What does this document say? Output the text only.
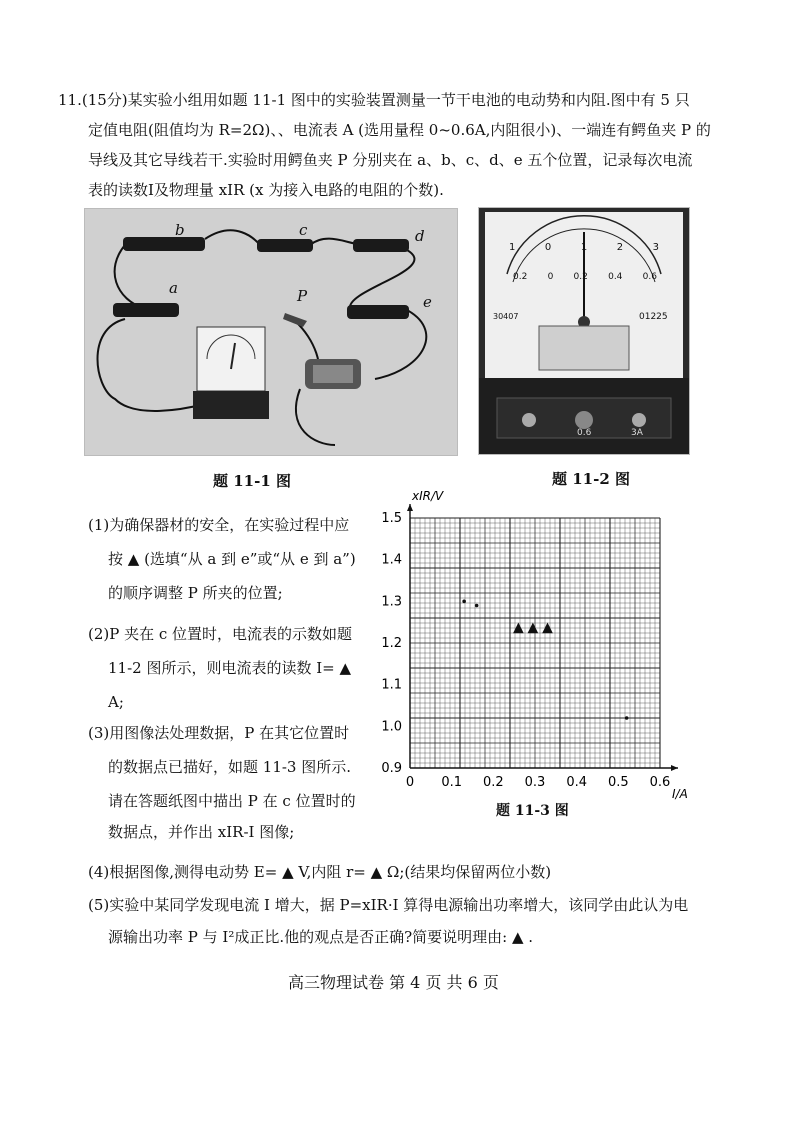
11.(15分)某实验小组用如题 11-1 图中的实验装置测量一节干电池的电动势和内阻.图中有 5 只
定值电阻(阻值均为 R=2Ω)、、电流表 A (选用量程 0~0.6A,内阻很小)、一端连有鳄鱼夹 P 的
导线及其它导线若干.实验时用鳄鱼夹 P 分别夹在 a、b、c、d、e 五个位置，记录每次电流
表的读数I及物理量 xIR (x 为接入电路的电阻的个数).
b	c	d
a
e
P
题 11-1 图
1	0	1	2	3
0.2 0 0.2 0.4 0.6
30407	01225
0.6	3A
题 11-2 图
(1)为确保器材的安全，在实验过程中应
按 ▲ (选填“从 a 到 e”或“从 e 到 a”)
的顺序调整 P 所夹的位置;
(2)P 夹在 c 位置时，电流表的示数如题
11-2 图所示，则电流表的读数 I= ▲
A;
(3)用图像法处理数据，P 在其它位置时
的数据点已描好，如题 11-3 图所示.
请在答题纸图中描出 P 在 c 位置时的
数据点，并作出 xIR-I 图像;
0 0.1 0.2 0.3 0.4 0.5 0.6
0.9
1.0
1.1
1.2
1.3
1.4
1.5
▲ ▲ ▲
xIR/V
I/A
题 11-3 图
(4)根据图像,测得电动势 E= ▲ V,内阻 r= ▲ Ω;(结果均保留两位小数)
(5)实验中某同学发现电流 I 增大，据 P=xIR·I 算得电源输出功率增大，该同学由此认为电
源输出功率 P 与 I²成正比.他的观点是否正确?简要说明理由: ▲ .
高三物理试卷 第 4 页 共 6 页
